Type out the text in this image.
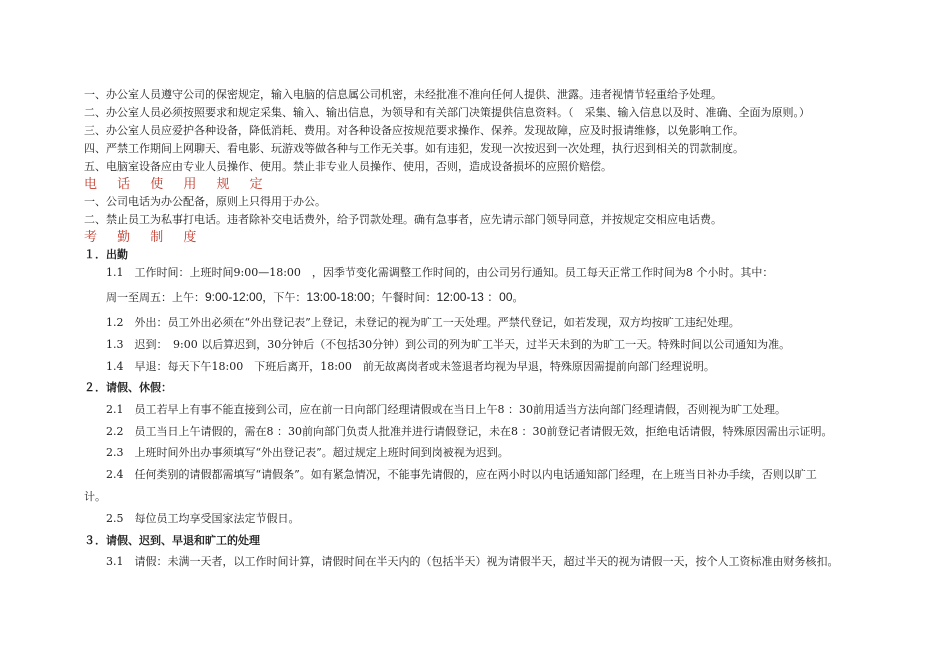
一、办公室人员遵守公司的保密规定，输入电脑的信息属公司机密，未经批准不准向任何人提供、泄露。违者视情节轻重给予处理。
二、办公室人员必须按照要求和规定采集、输入、输出信息，为领导和有关部门决策提供信息资料。（　采集、输入信息以及时、准确、全面为原则。）
三、办公室人员应爱护各种设备，降低消耗、费用。对各种设备应按规范要求操作、保养。发现故障，应及时报请维修，以免影响工作。
四、严禁工作期间上网聊天、看电影、玩游戏等做各种与工作无关事。如有违犯，发现一次按迟到一次处理，执行迟到相关的罚款制度。
五、电脑室设备应由专业人员操作、使用。禁止非专业人员操作、使用，否则，造成设备损坏的应照价赔偿。
电 话 使 用 规 定
一、公司电话为办公配备，原则上只得用于办公。
二、禁止员工为私事打电话。违者除补交电话费外，给予罚款处理。确有急事者，应先请示部门领导同意，并按规定交相应电话费。
考 勤 制 度
１．出勤
1.1　工作时间：上班时间9:00—18:00　，因季节变化需调整工作时间的，由公司另行通知。员工每天正常工作时间为8 个小时。其中：
周一至周五：上午：9:00-12:00，下午：13:00-18:00；午餐时间：12:00-13 ：00。
1.2　外出：员工外出必须在“外出登记表”上登记，未登记的视为旷工一天处理。严禁代登记，如若发现，双方均按旷工违纪处理。
1.3　迟到：　9:00 以后算迟到，30分钟后（不包括30分钟）到公司的列为旷工半天，过半天未到的为旷工一天。特殊时间以公司通知为准。
1.4　早退：每天下午18:00　下班后离开，18:00　前无故离岗者或未签退者均视为早退，特殊原因需提前向部门经理说明。
２．请假、休假：
2.1　员工若早上有事不能直接到公司，应在前一日向部门经理请假或在当日上午8 ：30前用适当方法向部门经理请假，否则视为旷工处理。
2.2　员工当日上午请假的，需在8 ：30前向部门负责人批准并进行请假登记，未在8 ：30前登记者请假无效，拒绝电话请假，特殊原因需出示证明。
2.3　上班时间外出办事须填写“外出登记表”。超过规定上班时间到岗被视为迟到。
2.4　任何类别的请假都需填写“请假条”。如有紧急情况，不能事先请假的，应在两小时以内电话通知部门经理，在上班当日补办手续，否则以旷工
计。
2.5　每位员工均享受国家法定节假日。
３．请假、迟到、早退和旷工的处理
3.1　请假：未满一天者，以工作时间计算，请假时间在半天内的（包括半天）视为请假半天，超过半天的视为请假一天，按个人工资标准由财务核扣。
